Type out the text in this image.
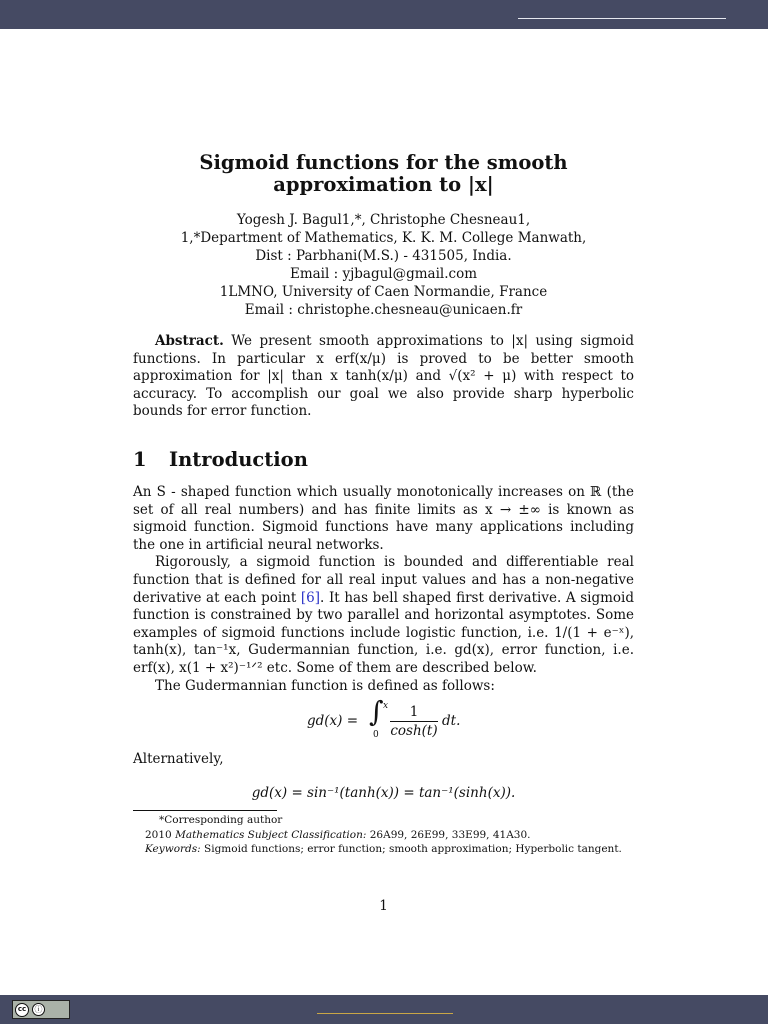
Sigmoid functions for the smooth
approximation to |x|
Yogesh J. Bagul1,*, Christophe Chesneau1,
1,*Department of Mathematics, K. K. M. College Manwath,
Dist : Parbhani(M.S.) - 431505, India.
Email : yjbagul@gmail.com
1LMNO, University of Caen Normandie, France
Email : christophe.chesneau@unicaen.fr
Abstract. We present smooth approximations to |x| using sigmoid functions. In particular x erf(x/μ) is proved to be better smooth approximation for |x| than x tanh(x/μ) and √(x² + μ) with respect to accuracy. To accomplish our goal we also provide sharp hyperbolic bounds for error function.
1 Introduction

An S - shaped function which usually monotonically increases on ℝ (the set of all real numbers) and has finite limits as x → ±∞ is known as sigmoid function. Sigmoid functions have many applications including the one in artificial neural networks.

Rigorously, a sigmoid function is bounded and differentiable real function that is defined for all real input values and has a non-negative derivative at each point [6]. It has bell shaped first derivative. A sigmoid function is constrained by two parallel and horizontal asymptotes. Some examples of sigmoid functions include logistic function, i.e. 1/(1 + e⁻ˣ), tanh(x), tan⁻¹x, Gudermannian function, i.e. gd(x), error function, i.e. erf(x), x(1 + x²)⁻¹ᐟ² etc. Some of them are described below.

The Gudermannian function is defined as follows:

gd(x) = ∫ x
0
1
cosh(t)
dt.
Alternatively,
gd(x) = sin⁻¹(tanh(x)) = tan⁻¹(sinh(x)).

*Corresponding author

2010 Mathematics Subject Classification: 26A99, 26E99, 33E99, 41A30.

Keywords: Sigmoid functions; error function; smooth approximation; Hyperbolic tangent.

1
cc	ⓘ
